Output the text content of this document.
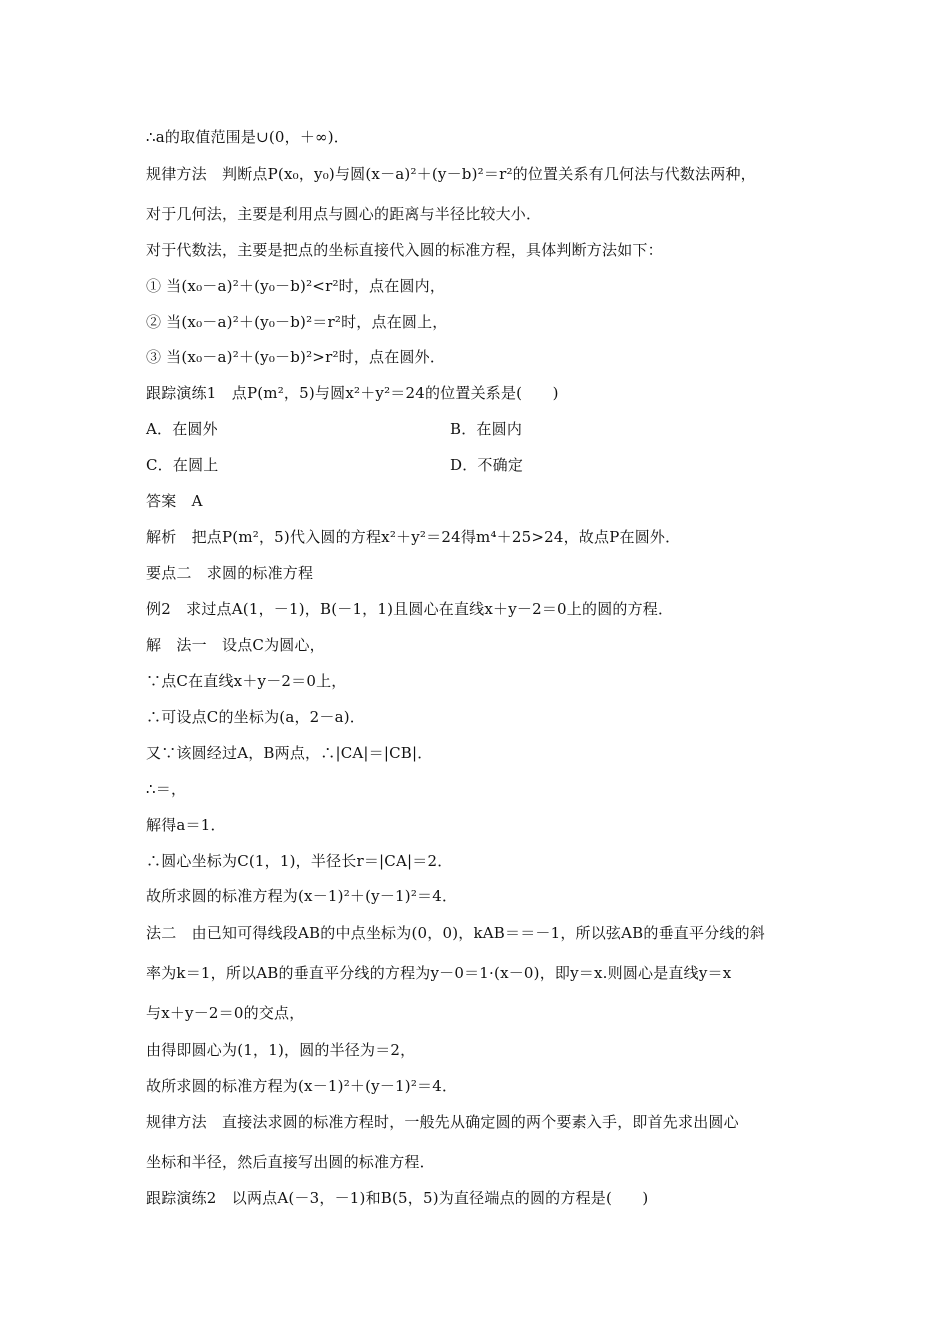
∴a的取值范围是∪(0，＋∞)．
规律方法　判断点P(x₀，y₀)与圆(x－a)²＋(y－b)²＝r²的位置关系有几何法与代数法两种，
对于几何法，主要是利用点与圆心的距离与半径比较大小．
对于代数法，主要是把点的坐标直接代入圆的标准方程，具体判断方法如下：
① 当(x₀－a)²＋(y₀－b)²<r²时，点在圆内，
② 当(x₀－a)²＋(y₀－b)²＝r²时，点在圆上，
③ 当(x₀－a)²＋(y₀－b)²>r²时，点在圆外．
跟踪演练1　点P(m²，5)与圆x²＋y²＝24的位置关系是(　　)
A．在圆外	B．在圆内
C．在圆上	D．不确定
答案　A
解析　把点P(m²，5)代入圆的方程x²＋y²＝24得m⁴＋25>24，故点P在圆外．
要点二　求圆的标准方程
例2　求过点A(1，－1)，B(－1，1)且圆心在直线x＋y－2＝0上的圆的方程．
解　法一　设点C为圆心，
∵点C在直线x＋y－2＝0上，
∴可设点C的坐标为(a，2－a)．
又∵该圆经过A，B两点，∴|CA|＝|CB|．
∴＝，
解得a＝1．
∴圆心坐标为C(1，1)，半径长r＝|CA|＝2．
故所求圆的标准方程为(x－1)²＋(y－1)²＝4．
法二　由已知可得线段AB的中点坐标为(0，0)，kAB＝＝－1，所以弦AB的垂直平分线的斜
率为k＝1，所以AB的垂直平分线的方程为y－0＝1·(x－0)，即y＝x.则圆心是直线y＝x
与x＋y－2＝0的交点，
由得即圆心为(1，1)，圆的半径为＝2，
故所求圆的标准方程为(x－1)²＋(y－1)²＝4．
规律方法　直接法求圆的标准方程时，一般先从确定圆的两个要素入手，即首先求出圆心
坐标和半径，然后直接写出圆的标准方程．
跟踪演练2　以两点A(－3，－1)和B(5，5)为直径端点的圆的方程是(　　)
